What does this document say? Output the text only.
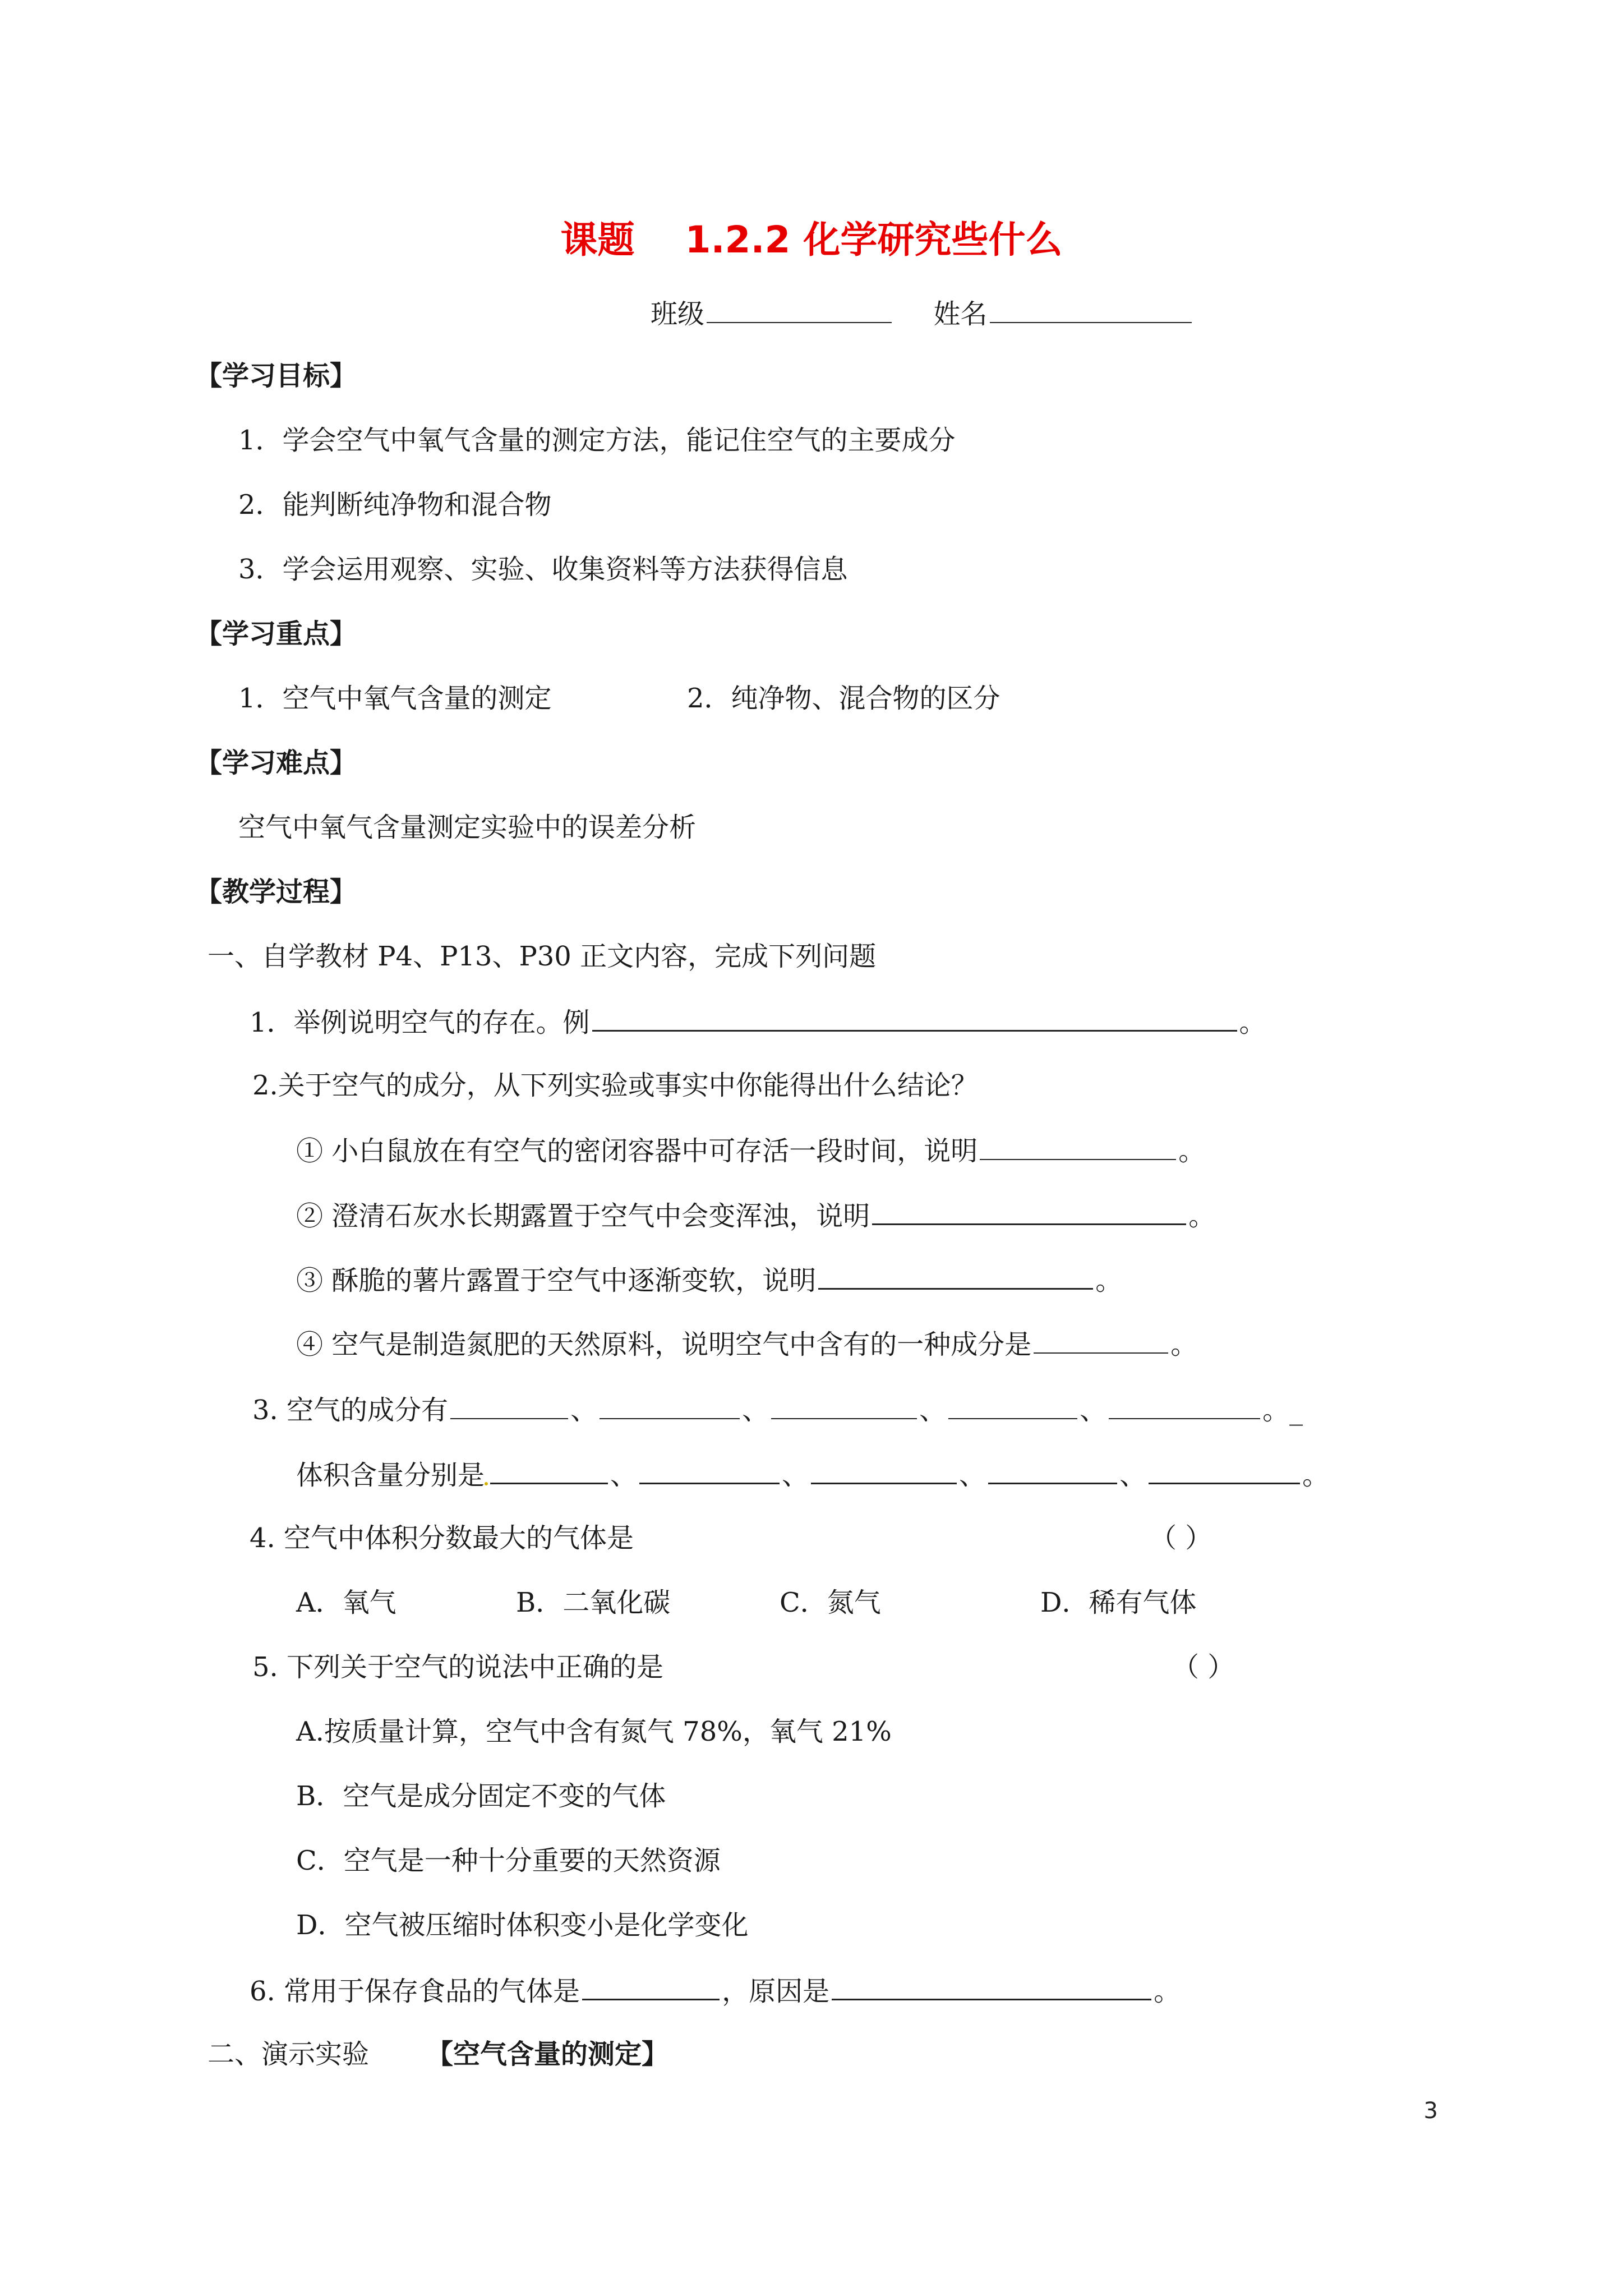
课题 1.2.2 化学研究些什么
班级	姓名
【学习目标】
1．学会空气中氧气含量的测定方法，能记住空气的主要成分
2．能判断纯净物和混合物
3．学会运用观察、实验、收集资料等方法获得信息
【学习重点】
1．空气中氧气含量的测定	2．纯净物、混合物的区分
【学习难点】
空气中氧气含量测定实验中的误差分析
【教学过程】
一、自学教材 P4、P13、P30 正文内容，完成下列问题
1．举例说明空气的存在。例	。
2.关于空气的成分，从下列实验或事实中你能得出什么结论？
① 小白鼠放在有空气的密闭容器中可存活一段时间，说明	。
② 澄清石灰水长期露置于空气中会变浑浊，说明	。
③ 酥脆的薯片露置于空气中逐渐变软，说明	。
④ 空气是制造氮肥的天然原料，说明空气中含有的一种成分是	。
3. 空气的成分有	、	、	、	、	。_
体积含量分别是	、	、	、	、	。
4. 空气中体积分数最大的气体是	（ ）
A．氧气	B．二氧化碳	C．氮气	D．稀有气体
5. 下列关于空气的说法中正确的是	（ ）
A.按质量计算，空气中含有氮气 78%，氧气 21%
B．空气是成分固定不变的气体
C．空气是一种十分重要的天然资源
D．空气被压缩时体积变小是化学变化
6. 常用于保存食品的气体是	，原因是	。
二、演示实验 【空气含量的测定】
3
